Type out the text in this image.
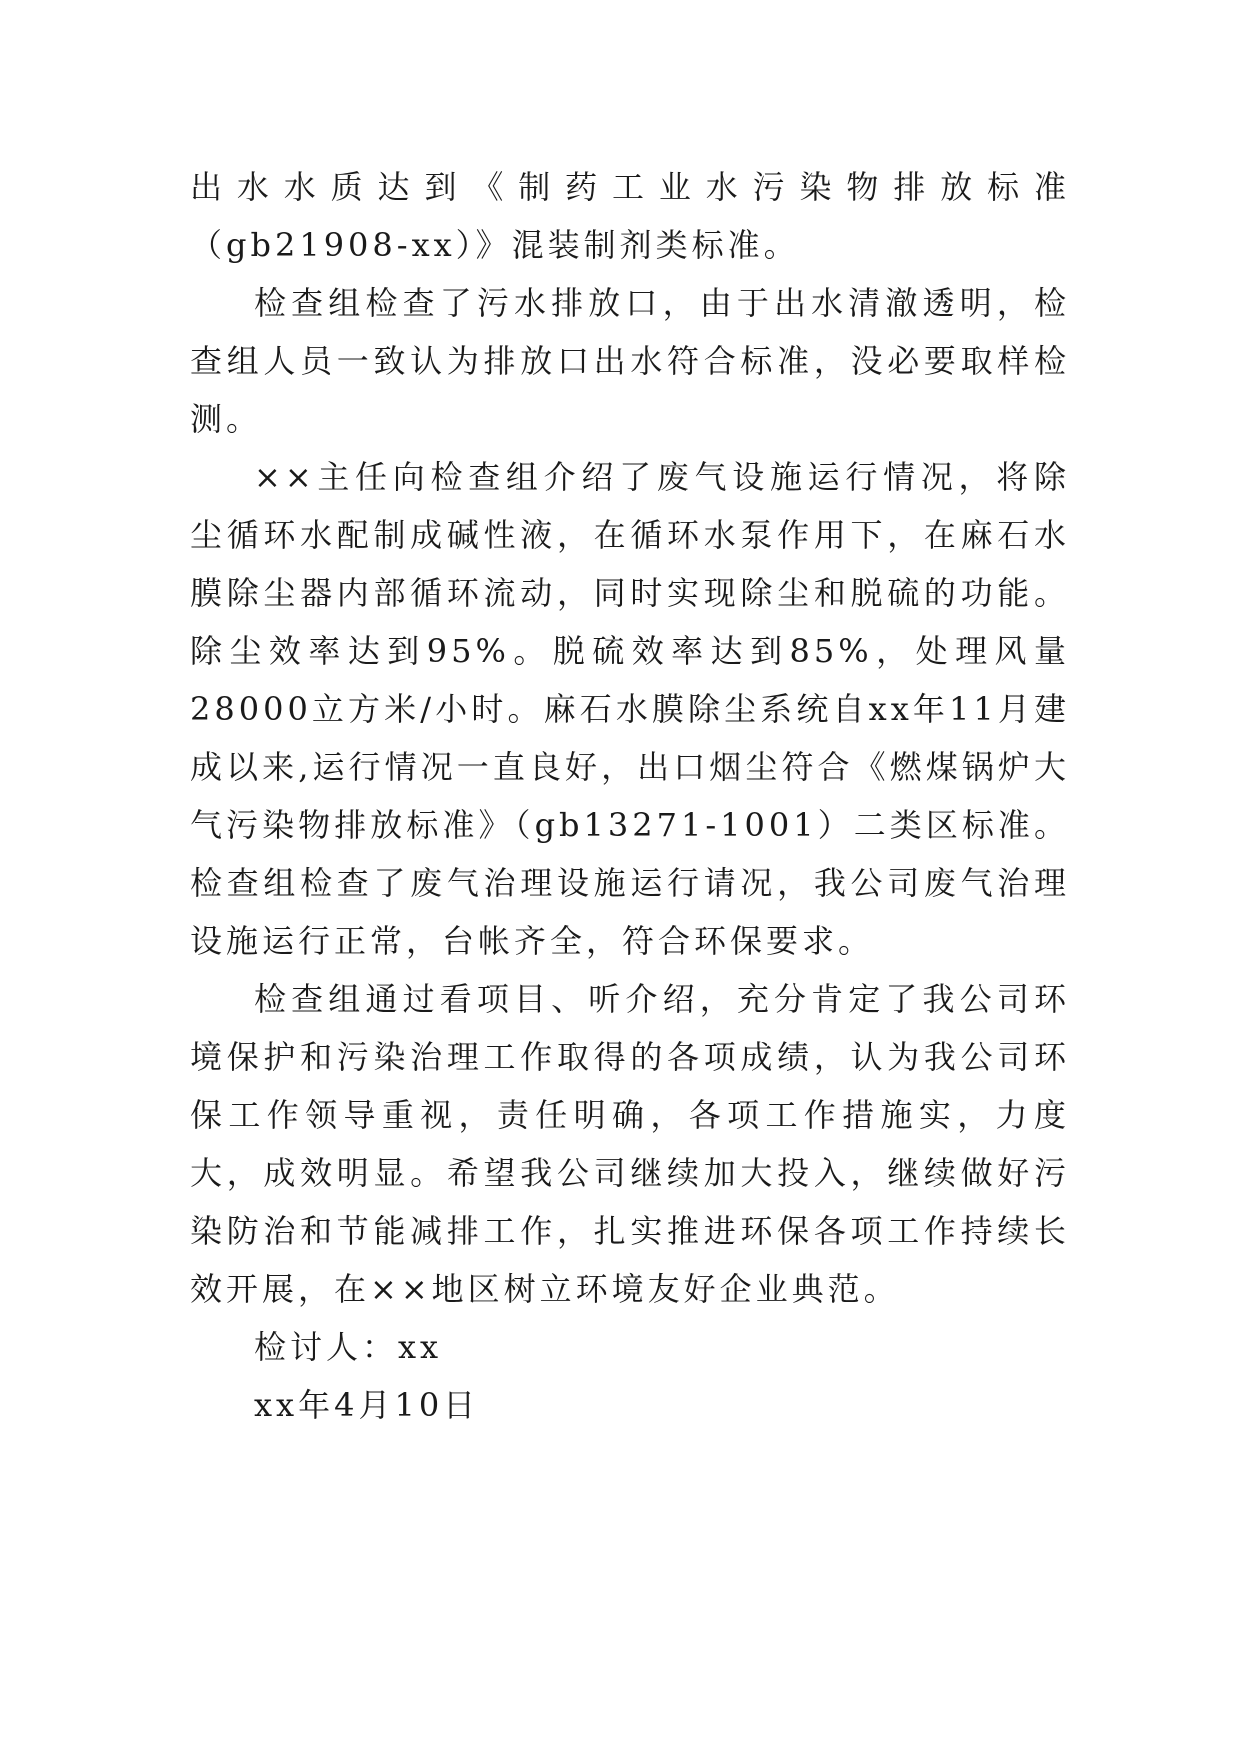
出水水质达到《制药工业水污染物排放标准（gb21908-xx）》混装制剂类标准。

检查组检查了污水排放口，由于出水清澈透明，检查组人员一致认为排放口出水符合标准，没必要取样检测。

××主任向检查组介绍了废气设施运行情况，将除尘循环水配制成碱性液，在循环水泵作用下，在麻石水膜除尘器内部循环流动，同时实现除尘和脱硫的功能。除尘效率达到95%。脱硫效率达到85%，处理风量28000立方米/小时。麻石水膜除尘系统自xx年11月建成以来,运行情况一直良好，出口烟尘符合《燃煤锅炉大气污染物排放标准》（gb13271-1001）二类区标准。检查组检查了废气治理设施运行请况，我公司废气治理设施运行正常，台帐齐全，符合环保要求。

检查组通过看项目、听介绍，充分肯定了我公司环境保护和污染治理工作取得的各项成绩，认为我公司环保工作领导重视，责任明确，各项工作措施实，力度大，成效明显。希望我公司继续加大投入，继续做好污染防治和节能减排工作，扎实推进环保各项工作持续长效开展，在××地区树立环境友好企业典范。

检讨人：xx

xx年4月10日
